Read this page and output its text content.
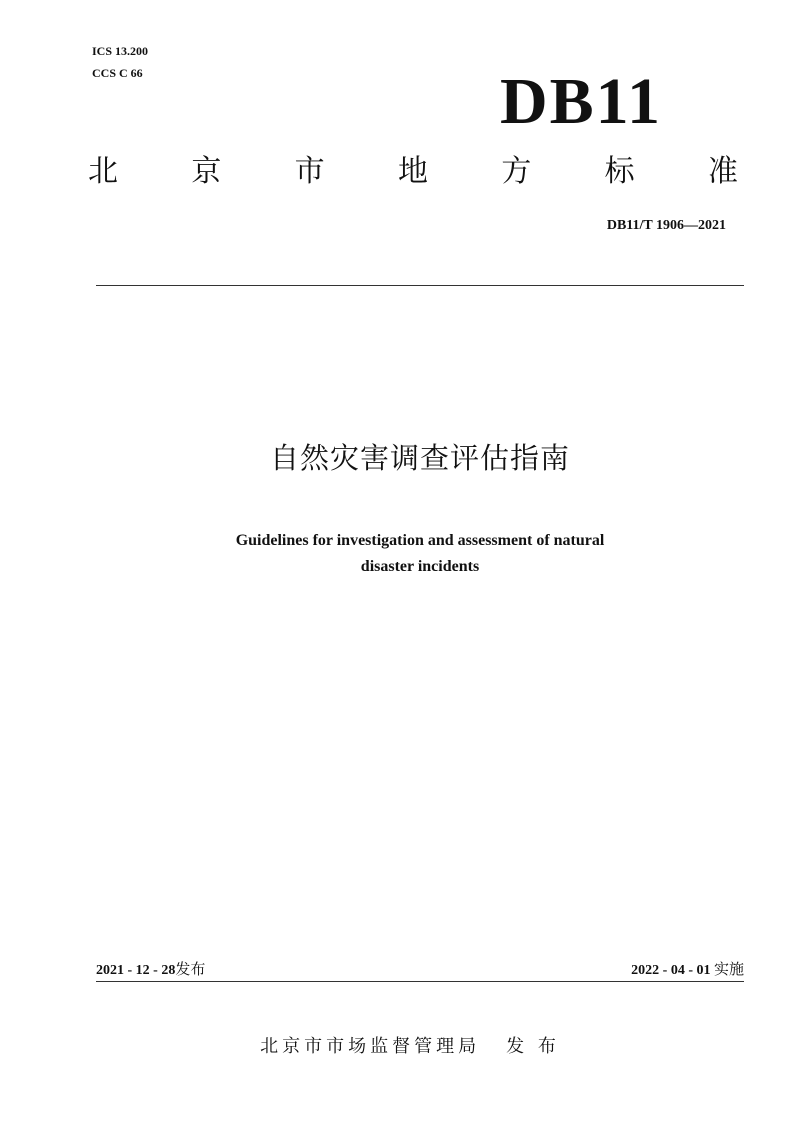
ICS 13.200
CCS C 66	DB11
北 京 市 地 方 标 准
DB11/T 1906—2021
自然灾害调查评估指南
Guidelines for investigation and assessment of natural
disaster incidents
2021 - 12 - 28发布	2022 - 04 - 01 实施
北京市市场监督管理局 发 布
